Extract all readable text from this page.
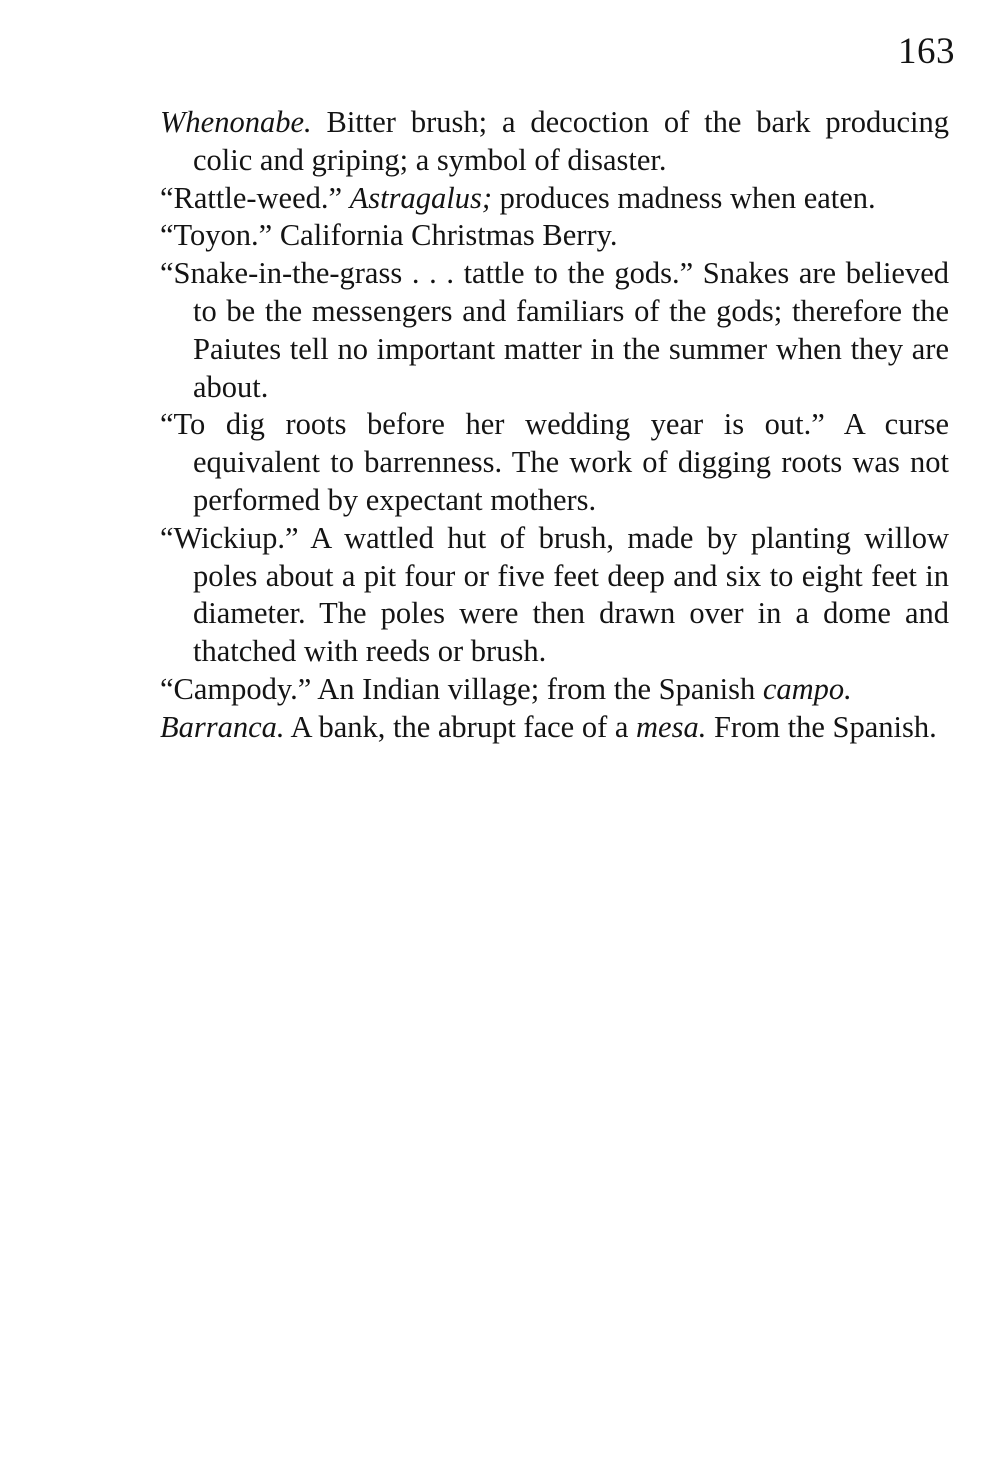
163
Whenonabe. Bitter brush; a decoction of the bark producing colic and griping; a symbol of disaster.
“Rattle-weed.” Astragalus; produces madness when eaten.
“Toyon.” California Christmas Berry.
“Snake-in-the-grass . . . tattle to the gods.” Snakes are believed to be the messengers and familiars of the gods; therefore the Paiutes tell no important matter in the summer when they are about.
“To dig roots before her wedding year is out.” A curse equivalent to barrenness. The work of digging roots was not performed by expectant mothers.
“Wickiup.” A wattled hut of brush, made by planting willow poles about a pit four or five feet deep and six to eight feet in diameter. The poles were then drawn over in a dome and thatched with reeds or brush.
“Campody.” An Indian village; from the Spanish campo.
Barranca. A bank, the abrupt face of a mesa. From the Spanish.
